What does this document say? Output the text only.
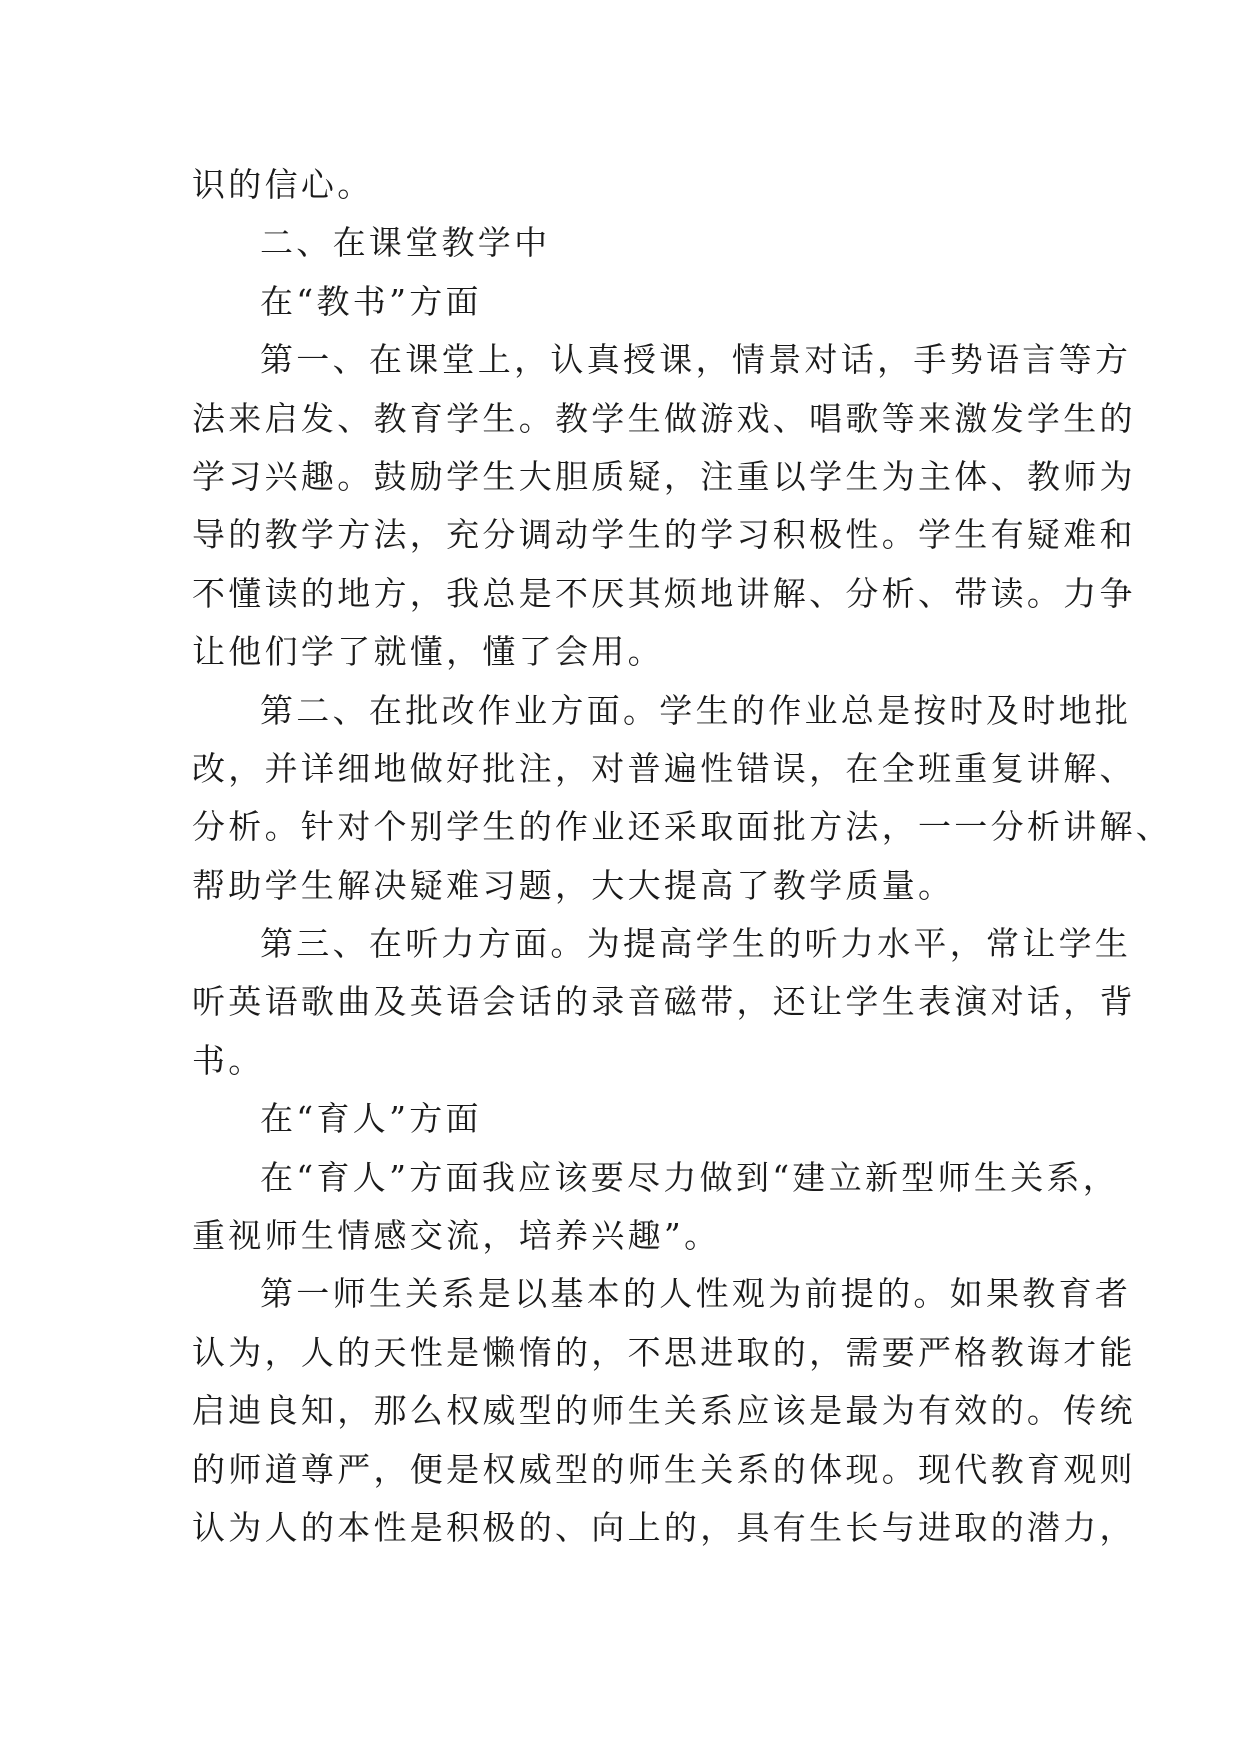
识的信心。
二、在课堂教学中
在“教书”方面
第一、在课堂上，认真授课，情景对话，手势语言等方
法来启发、教育学生。教学生做游戏、唱歌等来激发学生的
学习兴趣。鼓励学生大胆质疑，注重以学生为主体、教师为
导的教学方法，充分调动学生的学习积极性。学生有疑难和
不懂读的地方，我总是不厌其烦地讲解、分析、带读。力争
让他们学了就懂，懂了会用。
第二、在批改作业方面。学生的作业总是按时及时地批
改，并详细地做好批注，对普遍性错误，在全班重复讲解、
分析。针对个别学生的作业还采取面批方法，一一分析讲解、
帮助学生解决疑难习题，大大提高了教学质量。
第三、在听力方面。为提高学生的听力水平，常让学生
听英语歌曲及英语会话的录音磁带，还让学生表演对话，背
书。
在“育人”方面
在“育人”方面我应该要尽力做到“建立新型师生关系，
重视师生情感交流，培养兴趣”。
第一师生关系是以基本的人性观为前提的。如果教育者
认为，人的天性是懒惰的，不思进取的，需要严格教诲才能
启迪良知，那么权威型的师生关系应该是最为有效的。传统
的师道尊严，便是权威型的师生关系的体现。现代教育观则
认为人的本性是积极的、向上的，具有生长与进取的潜力，
